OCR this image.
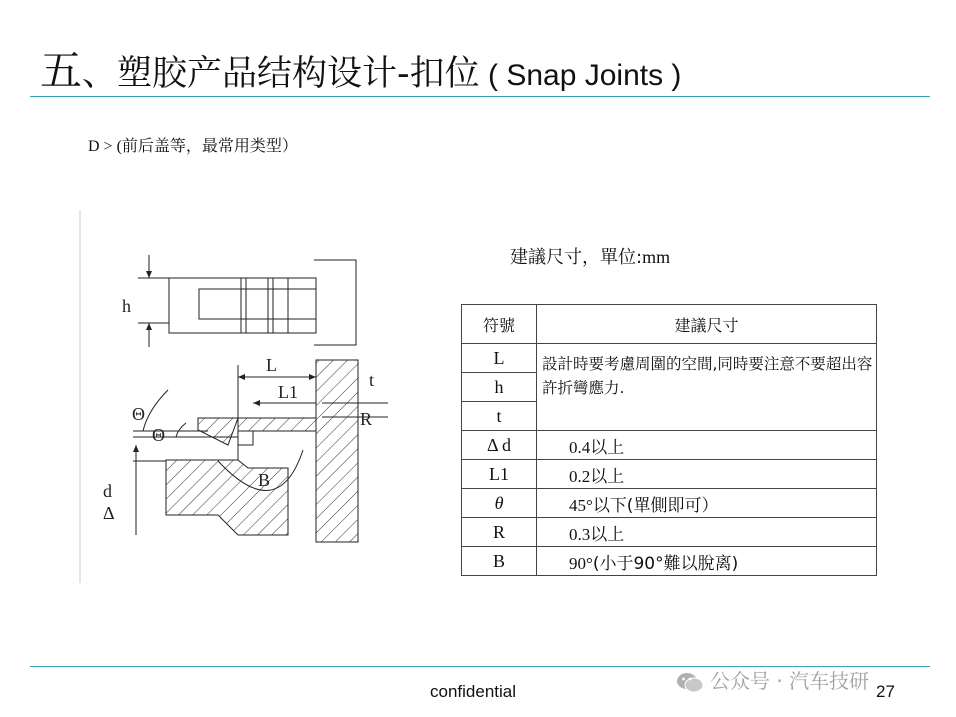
五、塑胶产品结构设计-扣位 ( Snap Joints )
D > (前后盖等，最常用类型）
h
L
L1
t
R
Θ
Θ
B
d
Δ
建議尺寸，單位:mm
符號	建議尺寸
L	設計時要考慮周圍的空間,同時要注意不要超出容許折彎應力.
h	
t	
Δ d	0.4以上
L1	0.2以上
θ	45°以下(單側即可）
R	0.3以上
B	90°(小于90°難以脫离)
confidential	公众号 · 汽车技研 27
